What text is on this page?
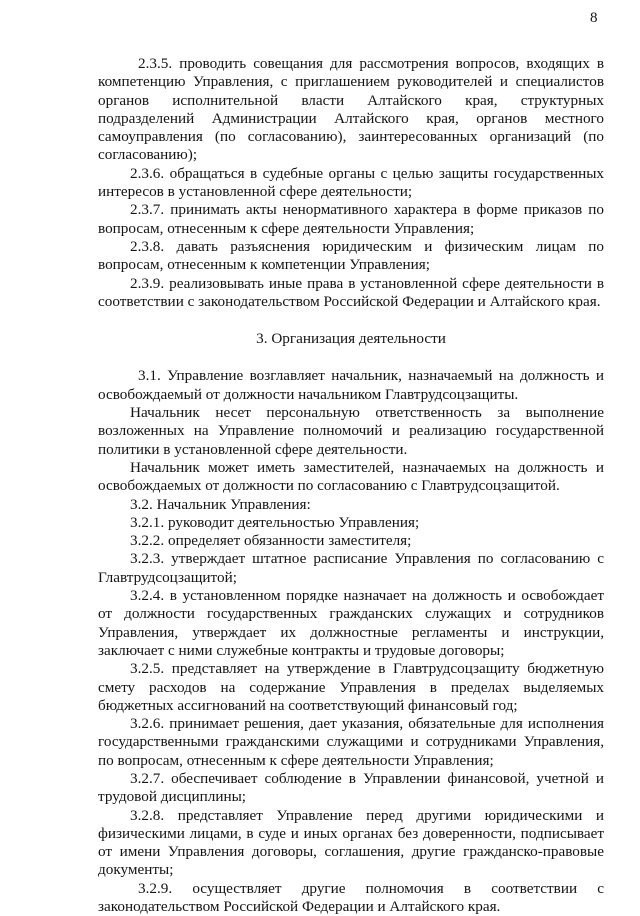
8

2.3.5. проводить совещания для рассмотрения вопросов, входящих в компетенцию Управления, с приглашением руководителей и специалистов органов исполнительной власти Алтайского края, структурных подразделений Администрации Алтайского края, органов местного самоуправления (по согласованию), заинтересованных организаций (по согласованию);

2.3.6. обращаться в судебные органы с целью защиты государственных интересов в установленной сфере деятельности;

2.3.7. принимать акты ненормативного характера в форме приказов по вопросам, отнесенным к сфере деятельности Управления;

2.3.8. давать разъяснения юридическим и физическим лицам по вопросам, отнесенным к компетенции Управления;

2.3.9. реализовывать иные права в установленной сфере деятельности в соответствии с законодательством Российской Федерации и Алтайского края.

3. Организация деятельности

3.1. Управление возглавляет начальник, назначаемый на должность и освобождаемый от должности начальником Главтрудсоцзащиты.

Начальник несет персональную ответственность за выполнение возложенных на Управление полномочий и реализацию государственной политики в установленной сфере деятельности.

Начальник может иметь заместителей, назначаемых на должность и освобождаемых от должности по согласованию с Главтрудсоцзащитой.

3.2. Начальник Управления:

3.2.1. руководит деятельностью Управления;

3.2.2. определяет обязанности заместителя;

3.2.3. утверждает штатное расписание Управления по согласованию с Главтрудсоцзащитой;

3.2.4. в установленном порядке назначает на должность и освобождает от должности государственных гражданских служащих и сотрудников Управления, утверждает их должностные регламенты и инструкции, заключает с ними служебные контракты и трудовые договоры;

3.2.5. представляет на утверждение в Главтрудсоцзащиту бюджетную смету расходов на содержание Управления в пределах выделяемых бюджетных ассигнований на соответствующий финансовый год;

3.2.6. принимает решения, дает указания, обязательные для исполнения государственными гражданскими служащими и сотрудниками Управления, по вопросам, отнесенным к сфере деятельности Управления;

3.2.7. обеспечивает соблюдение в Управлении финансовой, учетной и трудовой дисциплины;

3.2.8. представляет Управление перед другими юридическими и физическими лицами, в суде и иных органах без доверенности, подписывает от имени Управления договоры, соглашения, другие гражданско-правовые документы;

3.2.9. осуществляет другие полномочия в соответствии с законодательством Российской Федерации и Алтайского края.
